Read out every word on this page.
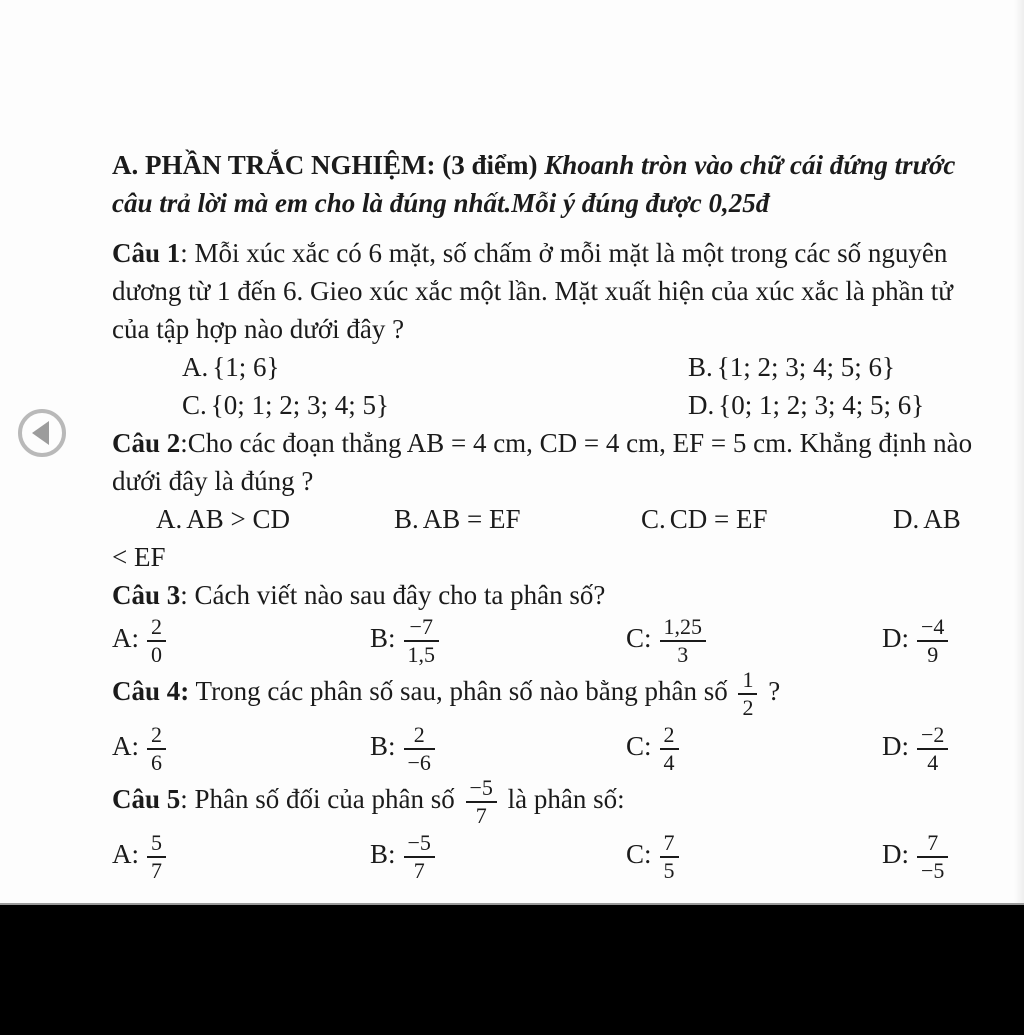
A. PHẦN TRẮC NGHIỆM: (3 điểm) Khoanh tròn vào chữ cái đứng trước câu trả lời mà em cho là đúng nhất.Mỗi ý đúng được 0,25đ

Câu 1: Mỗi xúc xắc có 6 mặt, số chấm ở mỗi mặt là một trong các số nguyên dương từ 1 đến 6. Gieo xúc xắc một lần. Mặt xuất hiện của xúc xắc là phần tử của tập hợp nào dưới đây ?

A. {1; 6}	B. {1; 2; 3; 4; 5; 6}
C. {0; 1; 2; 3; 4; 5}	D. {0; 1; 2; 3; 4; 5; 6}

Câu 2:Cho các đoạn thẳng AB = 4 cm, CD = 4 cm, EF = 5 cm. Khẳng định nào dưới đây là đúng ?

A. AB > CD	B. AB = EF	C. CD = EF	D. AB

< EF

Câu 3: Cách viết nào sau đây cho ta phân số?

A: $\frac{2}{0}$	B: $\frac{-7}{1,5}$	C: $\frac{1,25}{3}$	D: $\frac{-4}{9}$

Câu 4: Trong các phân số sau, phân số nào bằng phân số $\frac{1}{2}$ ?

A: $\frac{2}{6}$	B: $\frac{2}{-6}$	C: $\frac{2}{4}$	D: $\frac{-2}{4}$

Câu 5: Phân số đối của phân số $\frac{-5}{7}$ là phân số:

A: $\frac{5}{7}$	B: $\frac{-5}{7}$	C: $\frac{7}{5}$	D: $\frac{7}{-5}$
